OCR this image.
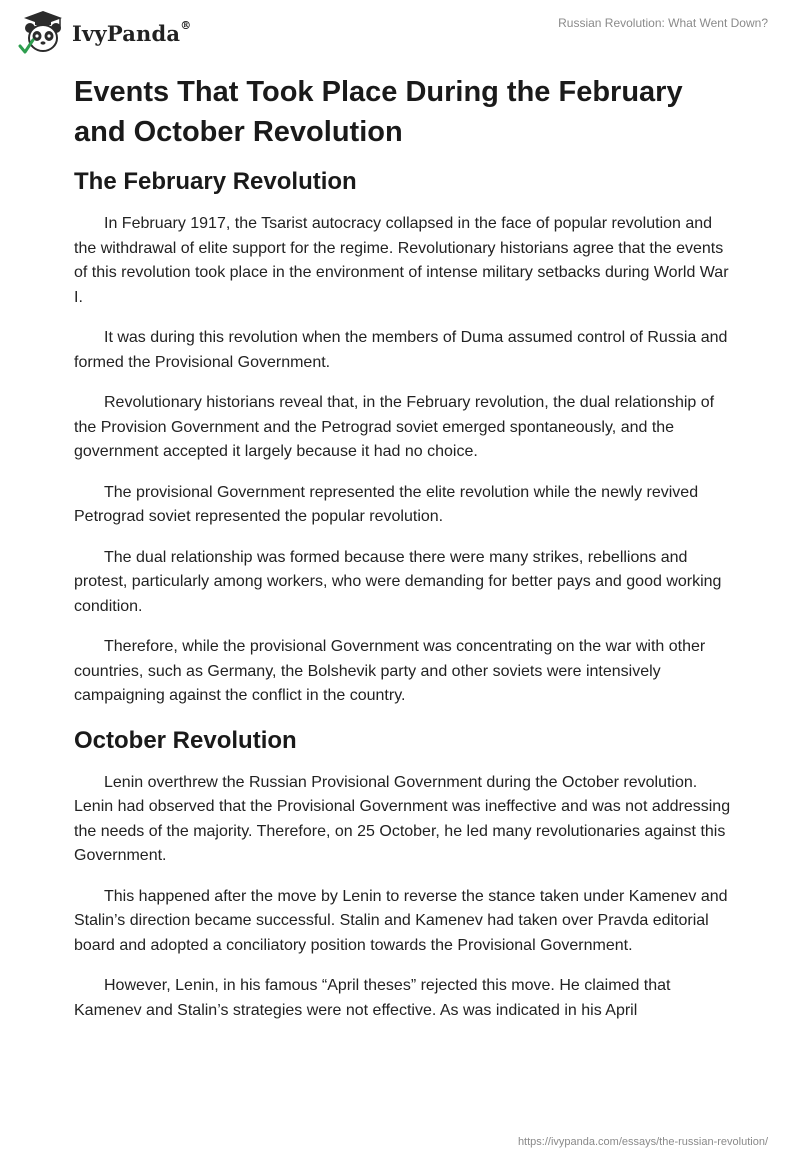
IvyPanda®	Russian Revolution: What Went Down?
Events That Took Place During the February and October Revolution
The February Revolution

In February 1917, the Tsarist autocracy collapsed in the face of popular revolution and the withdrawal of elite support for the regime. Revolutionary historians agree that the events of this revolution took place in the environment of intense military setbacks during World War I.

It was during this revolution when the members of Duma assumed control of Russia and formed the Provisional Government.

Revolutionary historians reveal that, in the February revolution, the dual relationship of the Provision Government and the Petrograd soviet emerged spontaneously, and the government accepted it largely because it had no choice.

The provisional Government represented the elite revolution while the newly revived Petrograd soviet represented the popular revolution.

The dual relationship was formed because there were many strikes, rebellions and protest, particularly among workers, who were demanding for better pays and good working condition.

Therefore, while the provisional Government was concentrating on the war with other countries, such as Germany, the Bolshevik party and other soviets were intensively campaigning against the conflict in the country.

October Revolution

Lenin overthrew the Russian Provisional Government during the October revolution. Lenin had observed that the Provisional Government was ineffective and was not addressing the needs of the majority. Therefore, on 25 October, he led many revolutionaries against this Government.

This happened after the move by Lenin to reverse the stance taken under Kamenev and Stalin’s direction became successful. Stalin and Kamenev had taken over Pravda editorial board and adopted a conciliatory position towards the Provisional Government.

However, Lenin, in his famous “April theses” rejected this move. He claimed that Kamenev and Stalin’s strategies were not effective. As was indicated in his April

https://ivypanda.com/essays/the-russian-revolution/
